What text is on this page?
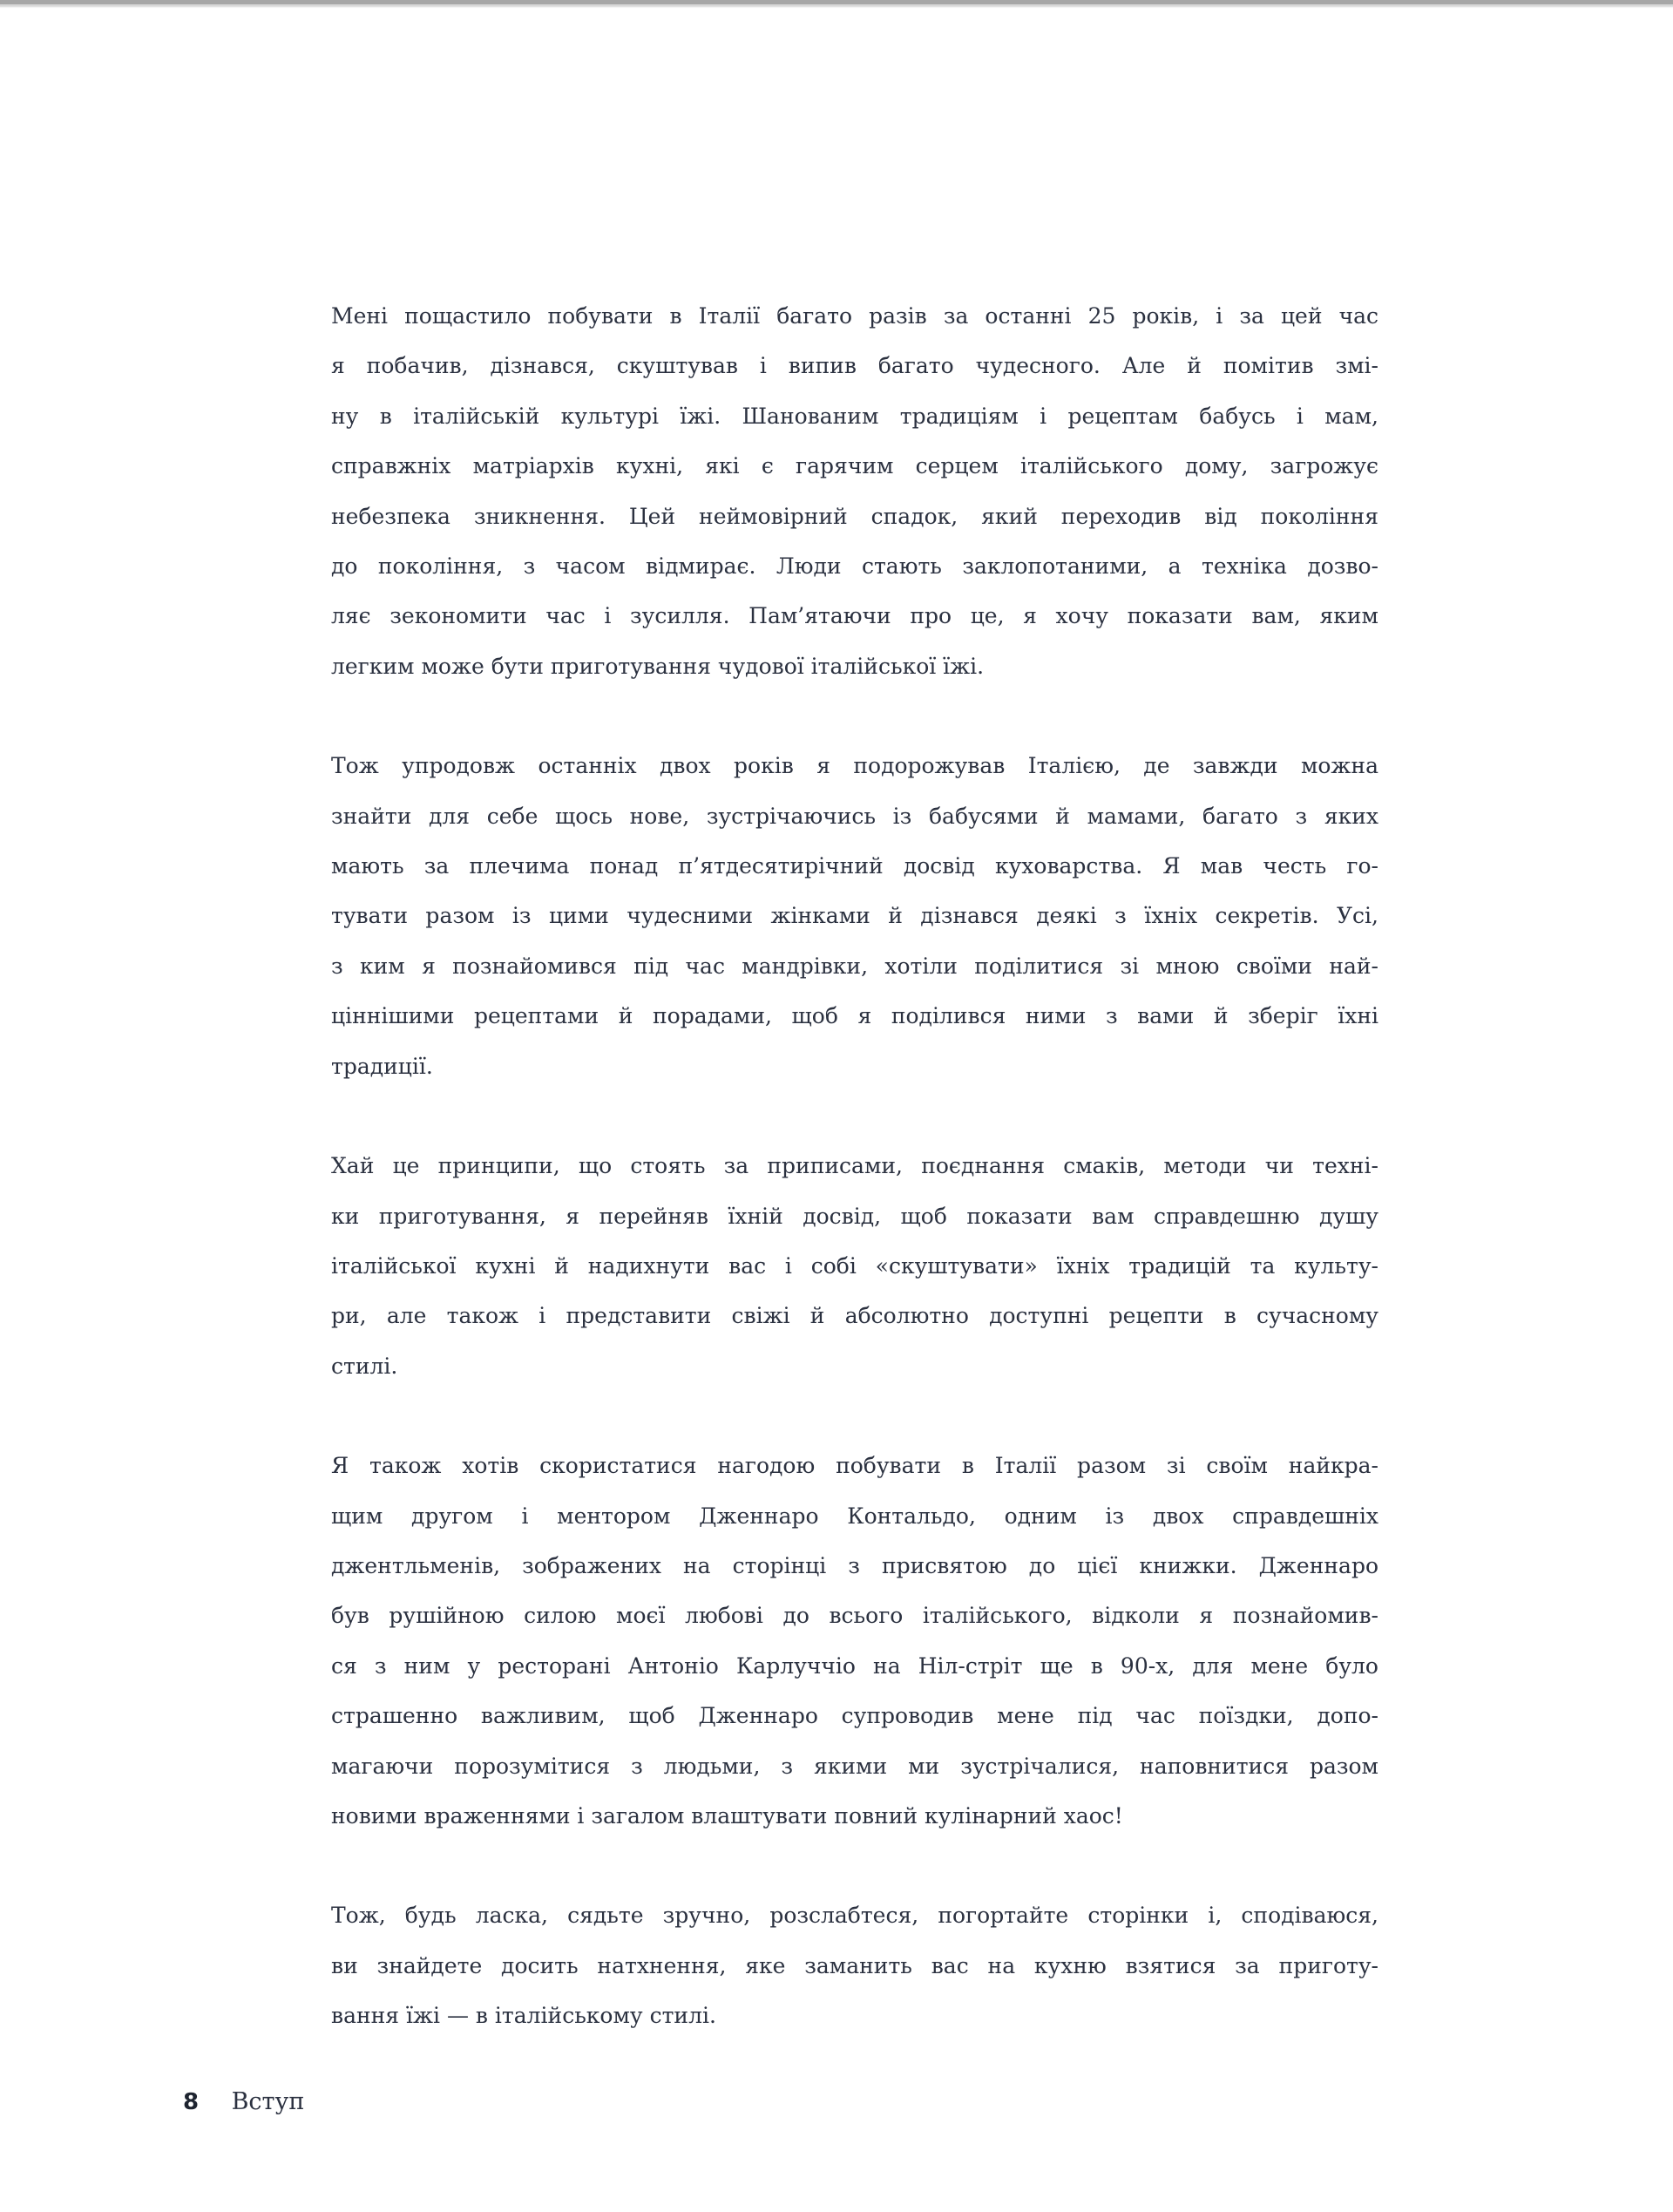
Мені пощастило побувати в Італії багато разів за останні 25 років, і за цей час
я побачив, дізнався, скуштував і випив багато чудесного. Але й помітив змі-
ну в італійській культурі їжі. Шанованим традиціям і рецептам бабусь і мам,
справжніх матріархів кухні, які є гарячим серцем італійського дому, загрожує
небезпека зникнення. Цей неймовірний спадок, який переходив від покоління
до покоління, з часом відмирає. Люди стають заклопотаними, а техніка дозво-
ляє зекономити час і зусилля. Пам’ятаючи про це, я хочу показати вам, яким
легким може бути приготування чудової італійської їжі.
Тож упродовж останніх двох років я подорожував Італією, де завжди можна
знайти для себе щось нове, зустрічаючись із бабусями й мамами, багато з яких
мають за плечима понад п’ятдесятирічний досвід куховарства. Я мав честь го-
тувати разом із цими чудесними жінками й дізнався деякі з їхніх секретів. Усі,
з ким я познайомився під час мандрівки, хотіли поділитися зі мною своїми най-
ціннішими рецептами й порадами, щоб я поділився ними з вами й зберіг їхні
традиції.
Хай це принципи, що стоять за приписами, поєднання смаків, методи чи техні-
ки приготування, я перейняв їхній досвід, щоб показати вам справдешню душу
італійської кухні й надихнути вас і собі «скуштувати» їхніх традицій та культу-
ри, але також і представити свіжі й абсолютно доступні рецепти в сучасному
стилі.
Я також хотів скористатися нагодою побувати в Італії разом зі своїм найкра-
щим другом і ментором Дженнаро Контальдо, одним із двох справдешніх
джентльменів, зображених на сторінці з присвятою до цієї книжки. Дженнаро
був рушійною силою моєї любові до всього італійського, відколи я познайомив-
ся з ним у ресторані Антоніо Карлуччіо на Ніл-стріт ще в 90-х, для мене було
страшенно важливим, щоб Дженнаро супроводив мене під час поїздки, допо-
магаючи порозумітися з людьми, з якими ми зустрічалися, наповнитися разом
новими враженнями і загалом влаштувати повний кулінарний хаос!
Тож, будь ласка, сядьте зручно, розслабтеся, погортайте сторінки і, сподіваюся,
ви знайдете досить натхнення, яке заманить вас на кухню взятися за приготу-
вання їжі — в італійському стилі.
8 Вступ
